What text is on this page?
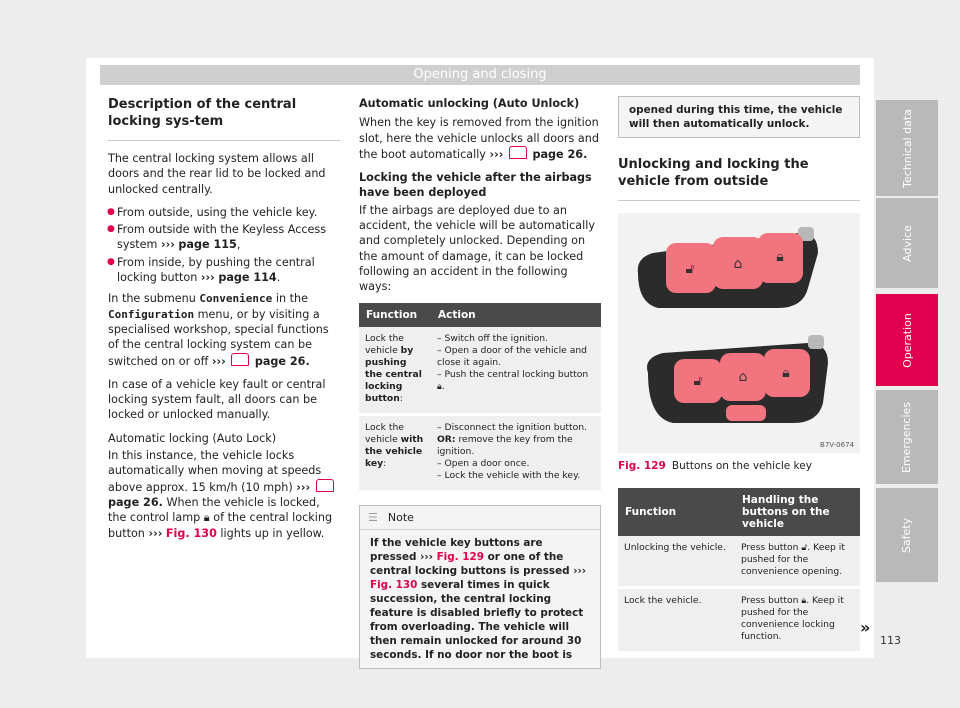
Opening and closing
Description of the central locking sys-tem

The central locking system allows all doors and the rear lid to be locked and unlocked centrally.

● From outside, using the vehicle key.
● From outside with the Keyless Access system ››› page 115,
● From inside, by pushing the central locking button ››› page 114.

In the submenu Convenience in the Configuration menu, or by visiting a specialised workshop, special functions of the central locking system can be switched on or off ›››	page 26.

In case of a vehicle key fault or central locking system fault, all doors can be locked or unlocked manually.

Automatic locking (Auto Lock)

In this instance, the vehicle locks automatically when moving at speeds above approx. 15 km/h (10 mph) ›››  page 26. When the vehicle is locked, the control lamp 🔒︎ of the central locking button ››› Fig. 130 lights up in yellow.

Automatic unlocking (Auto Unlock)

When the key is removed from the ignition slot, here the vehicle unlocks all doors and the boot automatically ›››	page 26.

Locking the vehicle after the airbags have been deployed

If the airbags are deployed due to an accident, the vehicle will be automatically and completely unlocked. Depending on the amount of damage, it can be locked following an accident in the following ways:

Function	Action
Lock the vehicle by pushing the central locking button:	– Switch off the ignition.
– Open a door of the vehicle and close it again.
– Push the central locking button 🔒︎.

Lock the vehicle with the vehicle key:	– Disconnect the ignition button.
OR: remove the key from the ignition.
– Open a door once.
– Lock the vehicle with the key.
☰ Note
If the vehicle key buttons are pressed ››› Fig. 129 or one of the central locking buttons is pressed ››› Fig. 130 several times in quick succession, the central locking feature is disabled briefly to protect from overloading. The vehicle will then remain unlocked for around 30 seconds. If no door nor the boot is
opened during this time, the vehicle will then automatically unlock.
Unlocking and locking the vehicle from outside
🔓︎	⌂ 🔒︎
🔓︎	⌂ 🔒︎
B7V-0674
Fig. 129 Buttons on the vehicle key
Function	Handling the buttons on the vehicle
Unlocking the vehicle.	Press button 🔓︎. Keep it pushed for the convenience opening.
Lock the vehicle.	Press button 🔒︎. Keep it pushed for the convenience locking function.	»
Technical data
Advice
Operation
Emergencies
Safety
113
